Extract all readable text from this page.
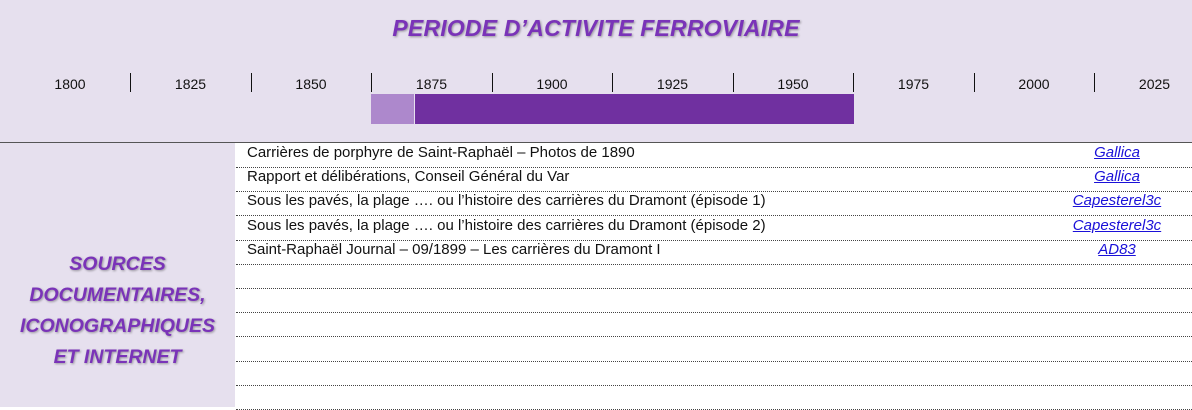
PERIODE D’ACTIVITE FERROVIAIRE
1800	1825	1850	1875	1900	1925	1950	1975	2000	2025
SOURCES
DOCUMENTAIRES,
ICONOGRAPHIQUES
ET INTERNET
Carrières de porphyre de Saint-Raphaël – Photos de 1890	Gallica
Rapport et délibérations, Conseil Général du Var	Gallica
Sous les pavés, la plage …. ou l’histoire des carrières du Dramont (épisode 1)	Capesterel3c
Sous les pavés, la plage …. ou l’histoire des carrières du Dramont (épisode 2)	Capesterel3c
Saint-Raphaël Journal – 09/1899 – Les carrières du Dramont I	AD83
